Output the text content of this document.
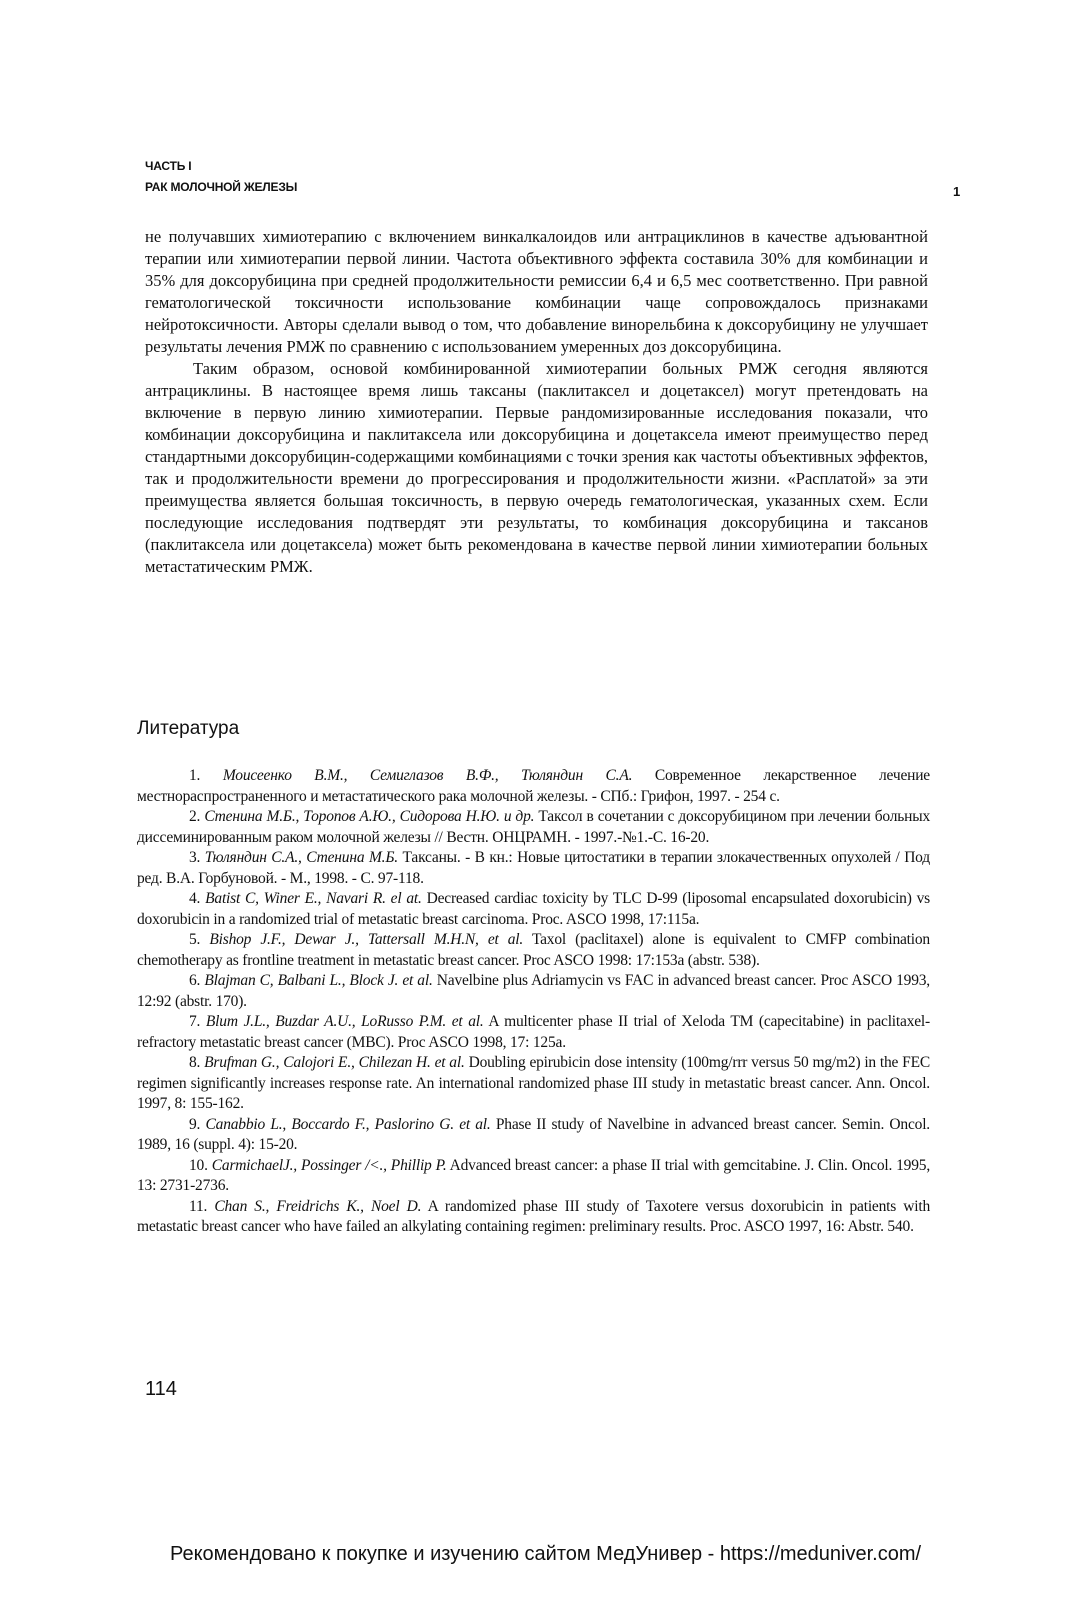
ЧАСТЬ I
РАК МОЛОЧНОЙ ЖЕЛЕЗЫ	1

не получавших химиотерапию с включением винкалкалоидов или антрациклинов в качестве адъювантной терапии или химиотерапии первой линии. Частота объективного эффекта составила 30% для комбинации и 35% для доксорубицина при средней продолжительности ремиссии 6,4 и 6,5 мес соответственно. При равной гематологической токсичности использование комбинации чаще сопровождалось признаками нейротоксичности. Авторы сделали вывод о том, что добавление винорельбина к доксорубицину не улучшает результаты лечения РМЖ по сравнению с использованием умеренных доз доксорубицина.

Таким образом, основой комбинированной химиотерапии больных РМЖ сегодня являются антрациклины. В настоящее время лишь таксаны (паклитаксел и доцетаксел) могут претендовать на включение в первую линию химиотерапии. Первые рандомизированные исследования показали, что комбинации доксорубицина и паклитаксела или доксорубицина и доцетаксела имеют преимущество перед стандартными доксорубицин-содержащими комбинациями с точки зрения как частоты объективных эффектов, так и продолжительности времени до прогрессирования и продолжительности жизни. «Расплатой» за эти преимущества является большая токсичность, в первую очередь гематологическая, указанных схем. Если последующие исследования подтвердят эти результаты, то комбинация доксорубицина и таксанов (паклитаксела или доцетаксела) может быть рекомендована в качестве первой линии химиотерапии больных метастатическим РМЖ.

Литература

1. Моисеенко В.М., Семиглазов В.Ф., Тюляндин С.А. Современное лекарственное лечение местнораспространенного и метастатического рака молочной железы. - СПб.: Грифон, 1997. - 254 с.

2. Стенина М.Б., Торопов А.Ю., Сидорова Н.Ю. и др. Таксол в сочетании с доксорубицином при лечении больных диссеминированным раком молочной железы // Вестн. ОНЦРАМН. - 1997.-№1.-С. 16-20.

3. Тюляндин С.А., Стенина М.Б. Таксаны. - В кн.: Новые цитостатики в терапии злокачественных опухолей / Под ред. В.А. Горбуновой. - М., 1998. - С. 97-118.

4. Batist C, Winer E., Navari R. el at. Decreased cardiac toxicity by TLC D-99 (liposomal encapsulated doxorubicin) vs doxorubicin in a randomized trial of metastatic breast carcinoma. Proc. ASCO 1998, 17:115a.

5. Bishop J.F., Dewar J., Tattersall M.H.N, et al. Taxol (paclitaxel) alone is equivalent to CMFP combination chemotherapy as frontline treatment in metastatic breast cancer. Proc ASCO 1998: 17:153a (abstr. 538).

6. Blajman C, Balbani L., Block J. et al. Navelbine plus Adriamycin vs FAC in advanced breast cancer. Proc ASCO 1993, 12:92 (abstr. 170).

7. Blum J.L., Buzdar A.U., LoRusso P.M. et al. A multicenter phase II trial of Xeloda TM (capecitabine) in paclitaxel-refractory metastatic breast cancer (MBC). Proc ASCO 1998, 17: 125a.

8. Brufman G., Calojori E., Chilezan H. et al. Doubling epirubicin dose intensity (100mg/rrr versus 50 mg/m2) in the FEC regimen significantly increases response rate. An international randomized phase III study in metastatic breast cancer. Ann. Oncol. 1997, 8: 155-162.

9. Canabbio L., Boccardo F., Paslorino G. et al. Phase II study of Navelbine in advanced breast cancer. Semin. Oncol. 1989, 16 (suppl. 4): 15-20.

10. CarmichaelJ., Possinger /<., Phillip P. Advanced breast cancer: a phase II trial with gemcitabine. J. Clin. Oncol. 1995, 13: 2731-2736.

11. Chan S., Freidrichs K., Noel D. A randomized phase III study of Taxotere versus doxorubicin in patients with metastatic breast cancer who have failed an alkylating containing regimen: preliminary results. Proc. ASCO 1997, 16: Abstr. 540.

114
Рекомендовано к покупке и изучению сайтом МедУнивер - https://meduniver.com/
